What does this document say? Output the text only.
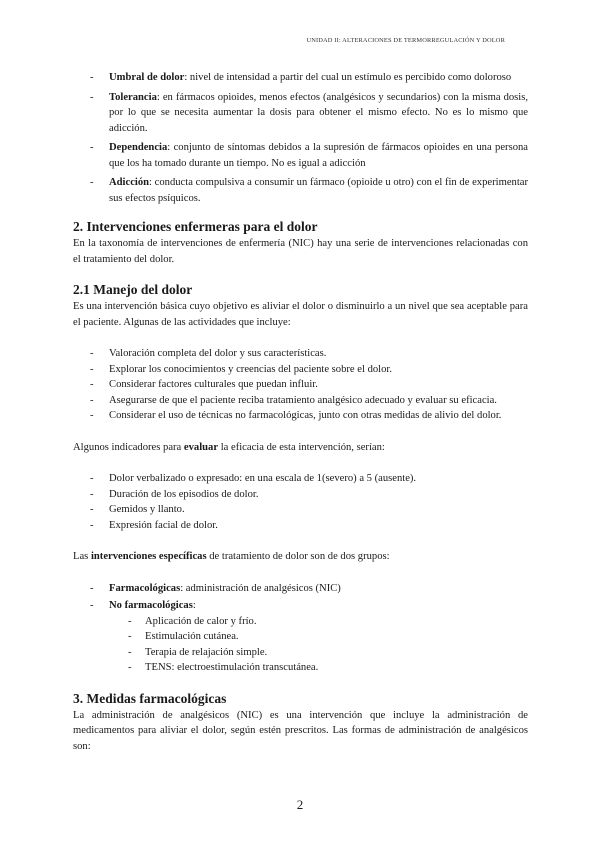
UNIDAD II: ALTERACIONES DE TERMORREGULACIÓN Y DOLOR
- Umbral de dolor: nivel de intensidad a partir del cual un estímulo es percibido como doloroso
- Tolerancia: en fármacos opioides, menos efectos (analgésicos y secundarios) con la misma dosis, por lo que se necesita aumentar la dosis para obtener el mismo efecto. No es lo mismo que adicción.
- Dependencia: conjunto de síntomas debidos a la supresión de fármacos opioides en una persona que los ha tomado durante un tiempo. No es igual a adicción
- Adicción: conducta compulsiva a consumir un fármaco (opioide u otro) con el fin de experimentar sus efectos psíquicos.
2. Intervenciones enfermeras para el dolor

En la taxonomía de intervenciones de enfermería (NIC) hay una serie de intervenciones relacionadas con el tratamiento del dolor.

2.1 Manejo del dolor

Es una intervención básica cuyo objetivo es aliviar el dolor o disminuirlo a un nivel que sea aceptable para el paciente. Algunas de las actividades que incluye:

- Valoración completa del dolor y sus características.
- Explorar los conocimientos y creencias del paciente sobre el dolor.
- Considerar factores culturales que puedan influir.
- Asegurarse de que el paciente reciba tratamiento analgésico adecuado y evaluar su eficacia.
- Considerar el uso de técnicas no farmacológicas, junto con otras medidas de alivio del dolor.

Algunos indicadores para evaluar la eficacia de esta intervención, serían:

- Dolor verbalizado o expresado: en una escala de 1(severo) a 5 (ausente).
- Duración de los episodios de dolor.
- Gemidos y llanto.
- Expresión facial de dolor.

Las intervenciones específicas de tratamiento de dolor son de dos grupos:

- Farmacológicas: administración de analgésicos (NIC)
- No farmacológicas:
- Aplicación de calor y frío.
- Estimulación cutánea.
- Terapia de relajación simple.
- TENS: electroestimulación transcutánea.
3. Medidas farmacológicas

La administración de analgésicos (NIC) es una intervención que incluye la administración de medicamentos para aliviar el dolor, según estén prescritos. Las formas de administración de analgésicos son:

2
